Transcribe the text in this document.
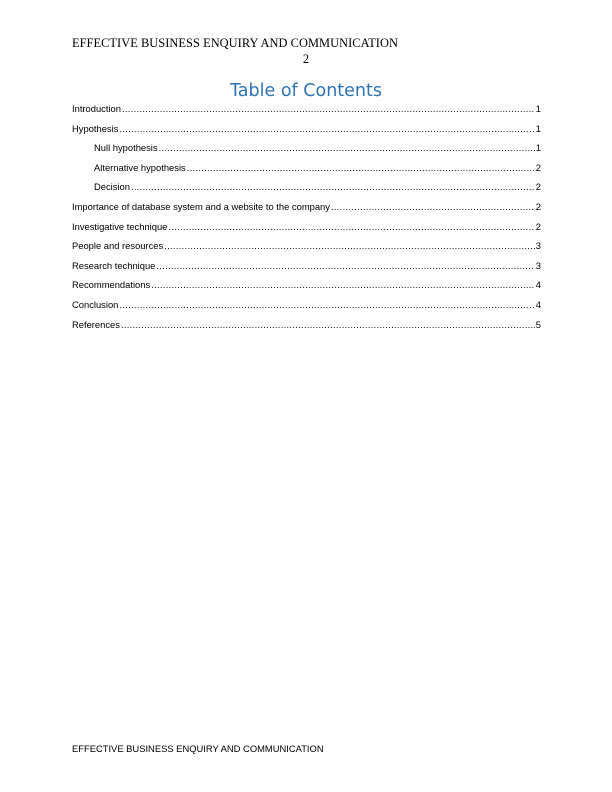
EFFECTIVE BUSINESS ENQUIRY AND COMMUNICATION
2
Table of Contents
Introduction .....	1
Hypothesis .....	1
Null hypothesis .....	1
Alternative hypothesis .....	2
Decision .....	2
Importance of database system and a website to the company .....	2
Investigative technique .....	2
People and resources .....	3
Research technique .....	3
Recommendations .....	4
Conclusion .....	4
References .....	5
EFFECTIVE BUSINESS ENQUIRY AND COMMUNICATION
